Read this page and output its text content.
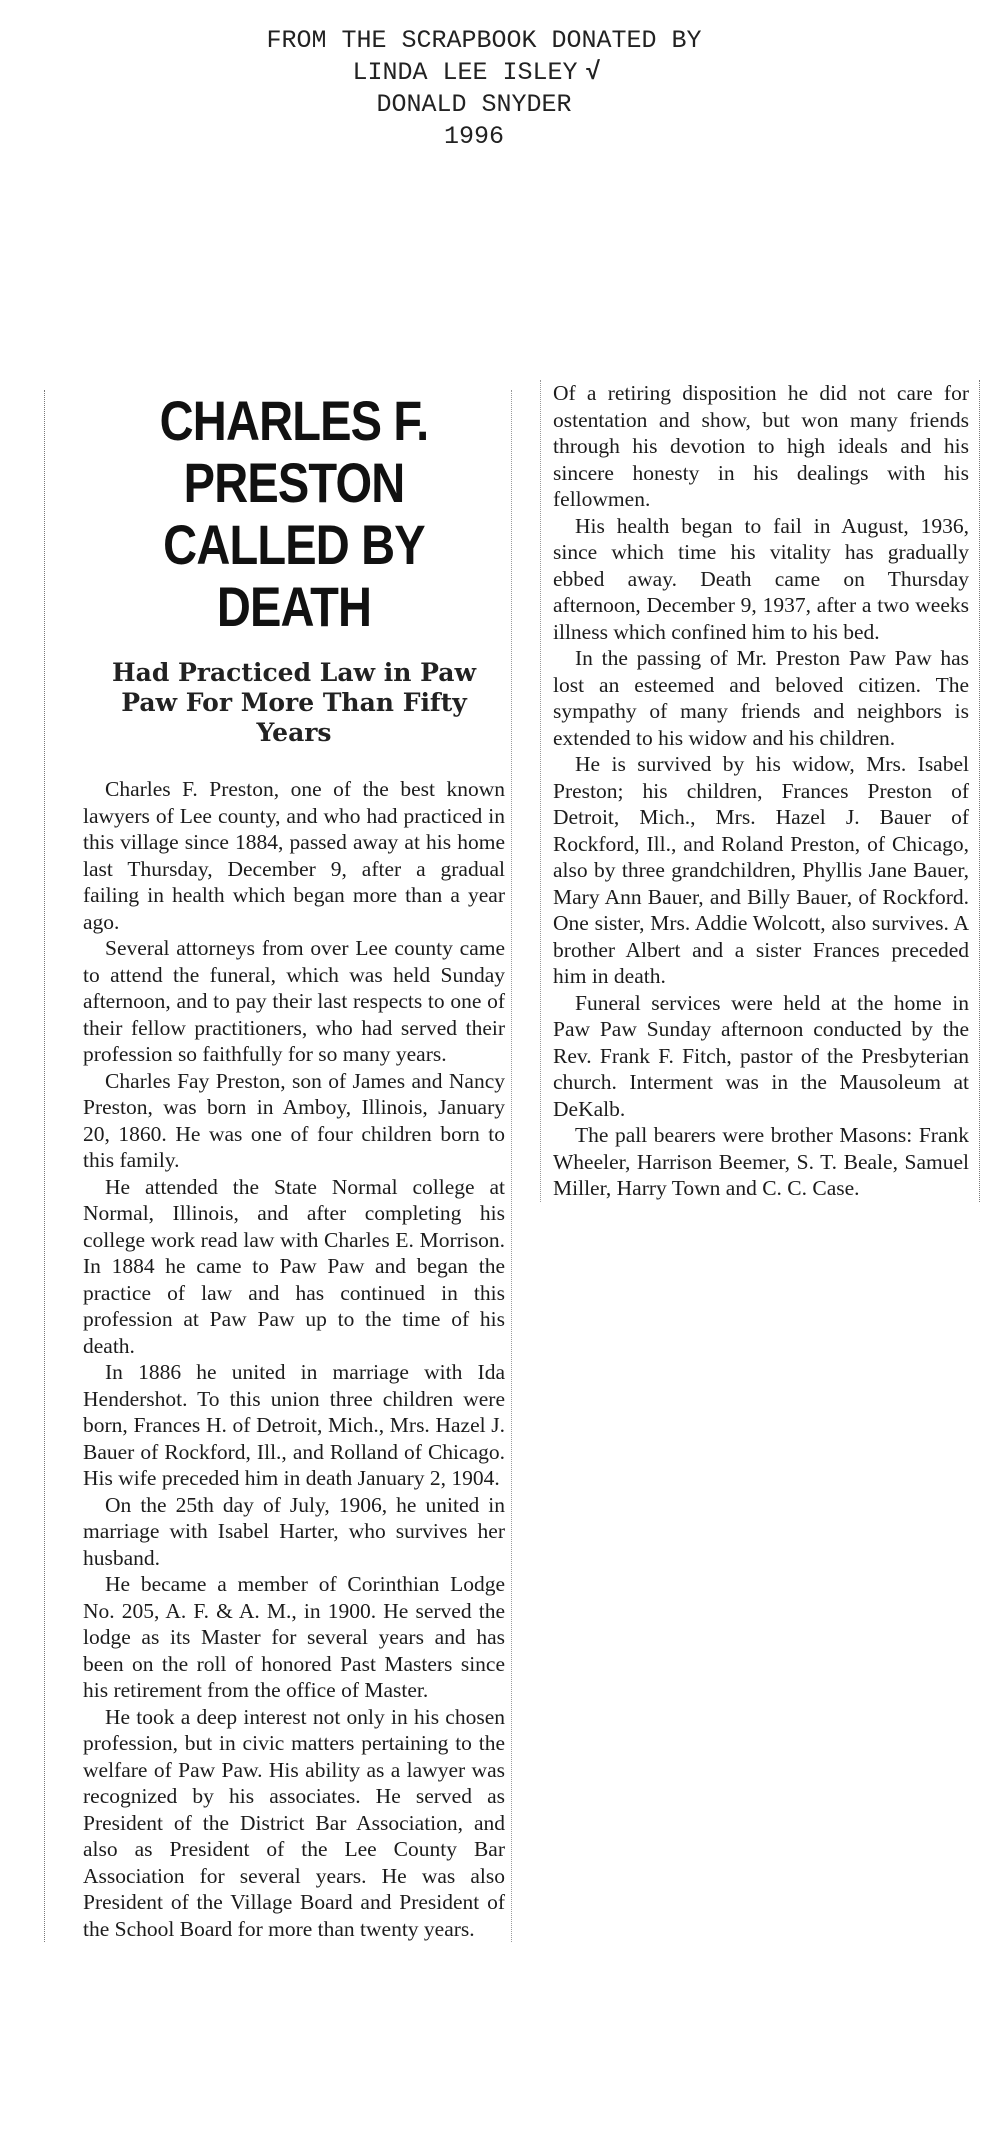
FROM THE SCRAPBOOK DONATED BY
LINDA LEE ISLEY √
DONALD SNYDER
1996
CHARLES F. PRESTON
CALLED BY DEATH
Had Practiced Law in Paw Paw For More Than Fifty Years

Charles F. Preston, one of the best known lawyers of Lee county, and who had practiced in this village since 1884, passed away at his home last Thursday, December 9, after a gradual failing in health which began more than a year ago.

Several attorneys from over Lee county came to attend the funeral, which was held Sunday afternoon, and to pay their last respects to one of their fellow practitioners, who had served their profession so faithfully for so many years.

Charles Fay Preston, son of James and Nancy Preston, was born in Amboy, Illinois, January 20, 1860. He was one of four children born to this family.

He attended the State Normal college at Normal, Illinois, and after completing his college work read law with Charles E. Morrison. In 1884 he came to Paw Paw and began the practice of law and has continued in this profession at Paw Paw up to the time of his death.

In 1886 he united in marriage with Ida Hendershot. To this union three children were born, Frances H. of Detroit, Mich., Mrs. Hazel J. Bauer of Rockford, Ill., and Rolland of Chicago. His wife preceded him in death January 2, 1904.

On the 25th day of July, 1906, he united in marriage with Isabel Harter, who survives her husband.

He became a member of Corinthian Lodge No. 205, A. F. & A. M., in 1900. He served the lodge as its Master for several years and has been on the roll of honored Past Masters since his retirement from the office of Master.

He took a deep interest not only in his chosen profession, but in civic matters pertaining to the welfare of Paw Paw. His ability as a lawyer was recognized by his associates. He served as President of the District Bar Association, and also as President of the Lee County Bar Association for several years. He was also President of the Village Board and President of the School Board for more than twenty years.

Of a retiring disposition he did not care for ostentation and show, but won many friends through his devotion to high ideals and his sincere honesty in his dealings with his fellowmen.

His health began to fail in August, 1936, since which time his vitality has gradually ebbed away. Death came on Thursday afternoon, December 9, 1937, after a two weeks illness which confined him to his bed.

In the passing of Mr. Preston Paw Paw has lost an esteemed and beloved citizen. The sympathy of many friends and neighbors is extended to his widow and his children.

He is survived by his widow, Mrs. Isabel Preston; his children, Frances Preston of Detroit, Mich., Mrs. Hazel J. Bauer of Rockford, Ill., and Roland Preston, of Chicago, also by three grandchildren, Phyllis Jane Bauer, Mary Ann Bauer, and Billy Bauer, of Rockford. One sister, Mrs. Addie Wolcott, also survives. A brother Albert and a sister Frances preceded him in death.

Funeral services were held at the home in Paw Paw Sunday afternoon conducted by the Rev. Frank F. Fitch, pastor of the Presbyterian church. Interment was in the Mausoleum at DeKalb.

The pall bearers were brother Masons: Frank Wheeler, Harrison Beemer, S. T. Beale, Samuel Miller, Harry Town and C. C. Case.
